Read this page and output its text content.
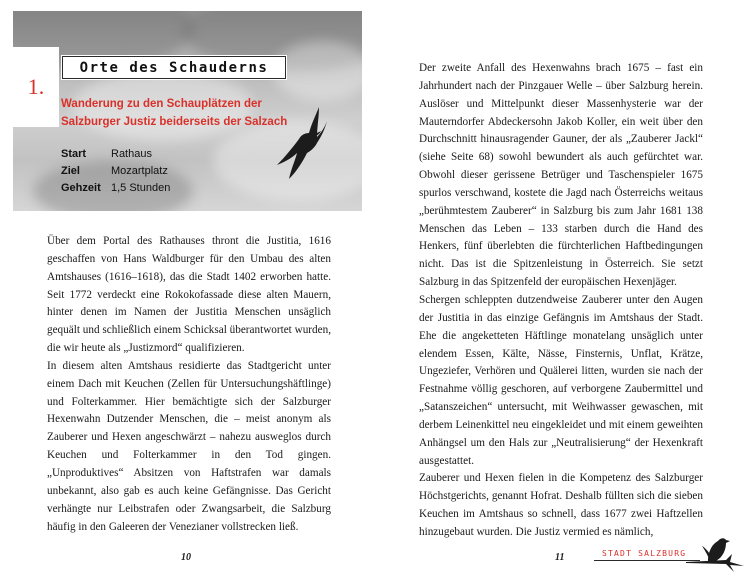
1.
Orte des Schauderns
Wanderung zu den Schauplätzen der
Salzburger Justiz beiderseits der Salzach
Start	Rathaus
Ziel	Mozartplatz
Gehzeit 1,5 Stunden

Über dem Portal des Rathauses thront die Justitia, 1616 geschaffen von Hans Waldburger für den Umbau des alten Amtshauses (1616–1618), das die Stadt 1402 erworben hatte. Seit 1772 verdeckt eine Rokokofassade diese alten Mauern, hinter denen im Namen der Justitia Menschen unsäglich gequält und schließlich einem Schicksal überantwortet wurden, die wir heute als „Justizmord“ qualifizieren.

In diesem alten Amtshaus residierte das Stadtgericht unter einem Dach mit Keuchen (Zellen für Untersuchungshäftlinge) und Folterkammer. Hier bemächtigte sich der Salzburger Hexenwahn Dutzender Menschen, die – meist anonym als Zauberer und Hexen angeschwärzt – nahezu ausweglos durch Keuchen und Folterkammer in den Tod gingen. „Unproduktives“ Absitzen von Haftstrafen war damals unbekannt, also gab es auch keine Gefängnisse. Das Gericht verhängte nur Leibstrafen oder Zwangsarbeit, die Salzburg häufig in den Galeeren der Venezianer vollstrecken ließ.

10

Der zweite Anfall des Hexenwahns brach 1675 – fast ein Jahrhundert nach der Pinzgauer Welle – über Salzburg herein. Auslöser und Mittelpunkt dieser Massenhysterie war der Mauterndorfer Abdeckersohn Jakob Koller, ein weit über den Durchschnitt hinausragender Gauner, der als „Zauberer Jackl“ (siehe Seite 68) sowohl bewundert als auch gefürchtet war. Obwohl dieser gerissene Betrüger und Taschenspieler 1675 spurlos verschwand, kostete die Jagd nach Österreichs weitaus „berühmtestem Zauberer“ in Salzburg bis zum Jahr 1681 138 Menschen das Leben – 133 starben durch die Hand des Henkers, fünf überlebten die fürchterlichen Haftbedingungen nicht. Das ist die Spitzenleistung in Österreich. Sie setzt Salzburg in das Spitzenfeld der europäischen Hexenjäger.

Schergen schleppten dutzendweise Zauberer unter den Augen der Justitia in das einzige Gefängnis im Amtshaus der Stadt. Ehe die angeketteten Häftlinge monatelang unsäglich unter elendem Essen, Kälte, Nässe, Finsternis, Unflat, Krätze, Ungeziefer, Verhören und Quälerei litten, wurden sie nach der Festnahme völlig geschoren, auf verborgene Zaubermittel und „Satanszeichen“ untersucht, mit Weihwasser gewaschen, mit derbem Leinenkittel neu eingekleidet und mit einem geweihten Anhängsel um den Hals zur „Neutralisierung“ der Hexenkraft ausgestattet.

Zauberer und Hexen fielen in die Kompetenz des Salzburger Höchstgerichts, genannt Hofrat. Deshalb füllten sich die sieben Keuchen im Amtshaus so schnell, dass 1677 zwei Haftzellen hinzugebaut wurden. Die Justiz vermied es nämlich,

11	STADT SALZBURG
